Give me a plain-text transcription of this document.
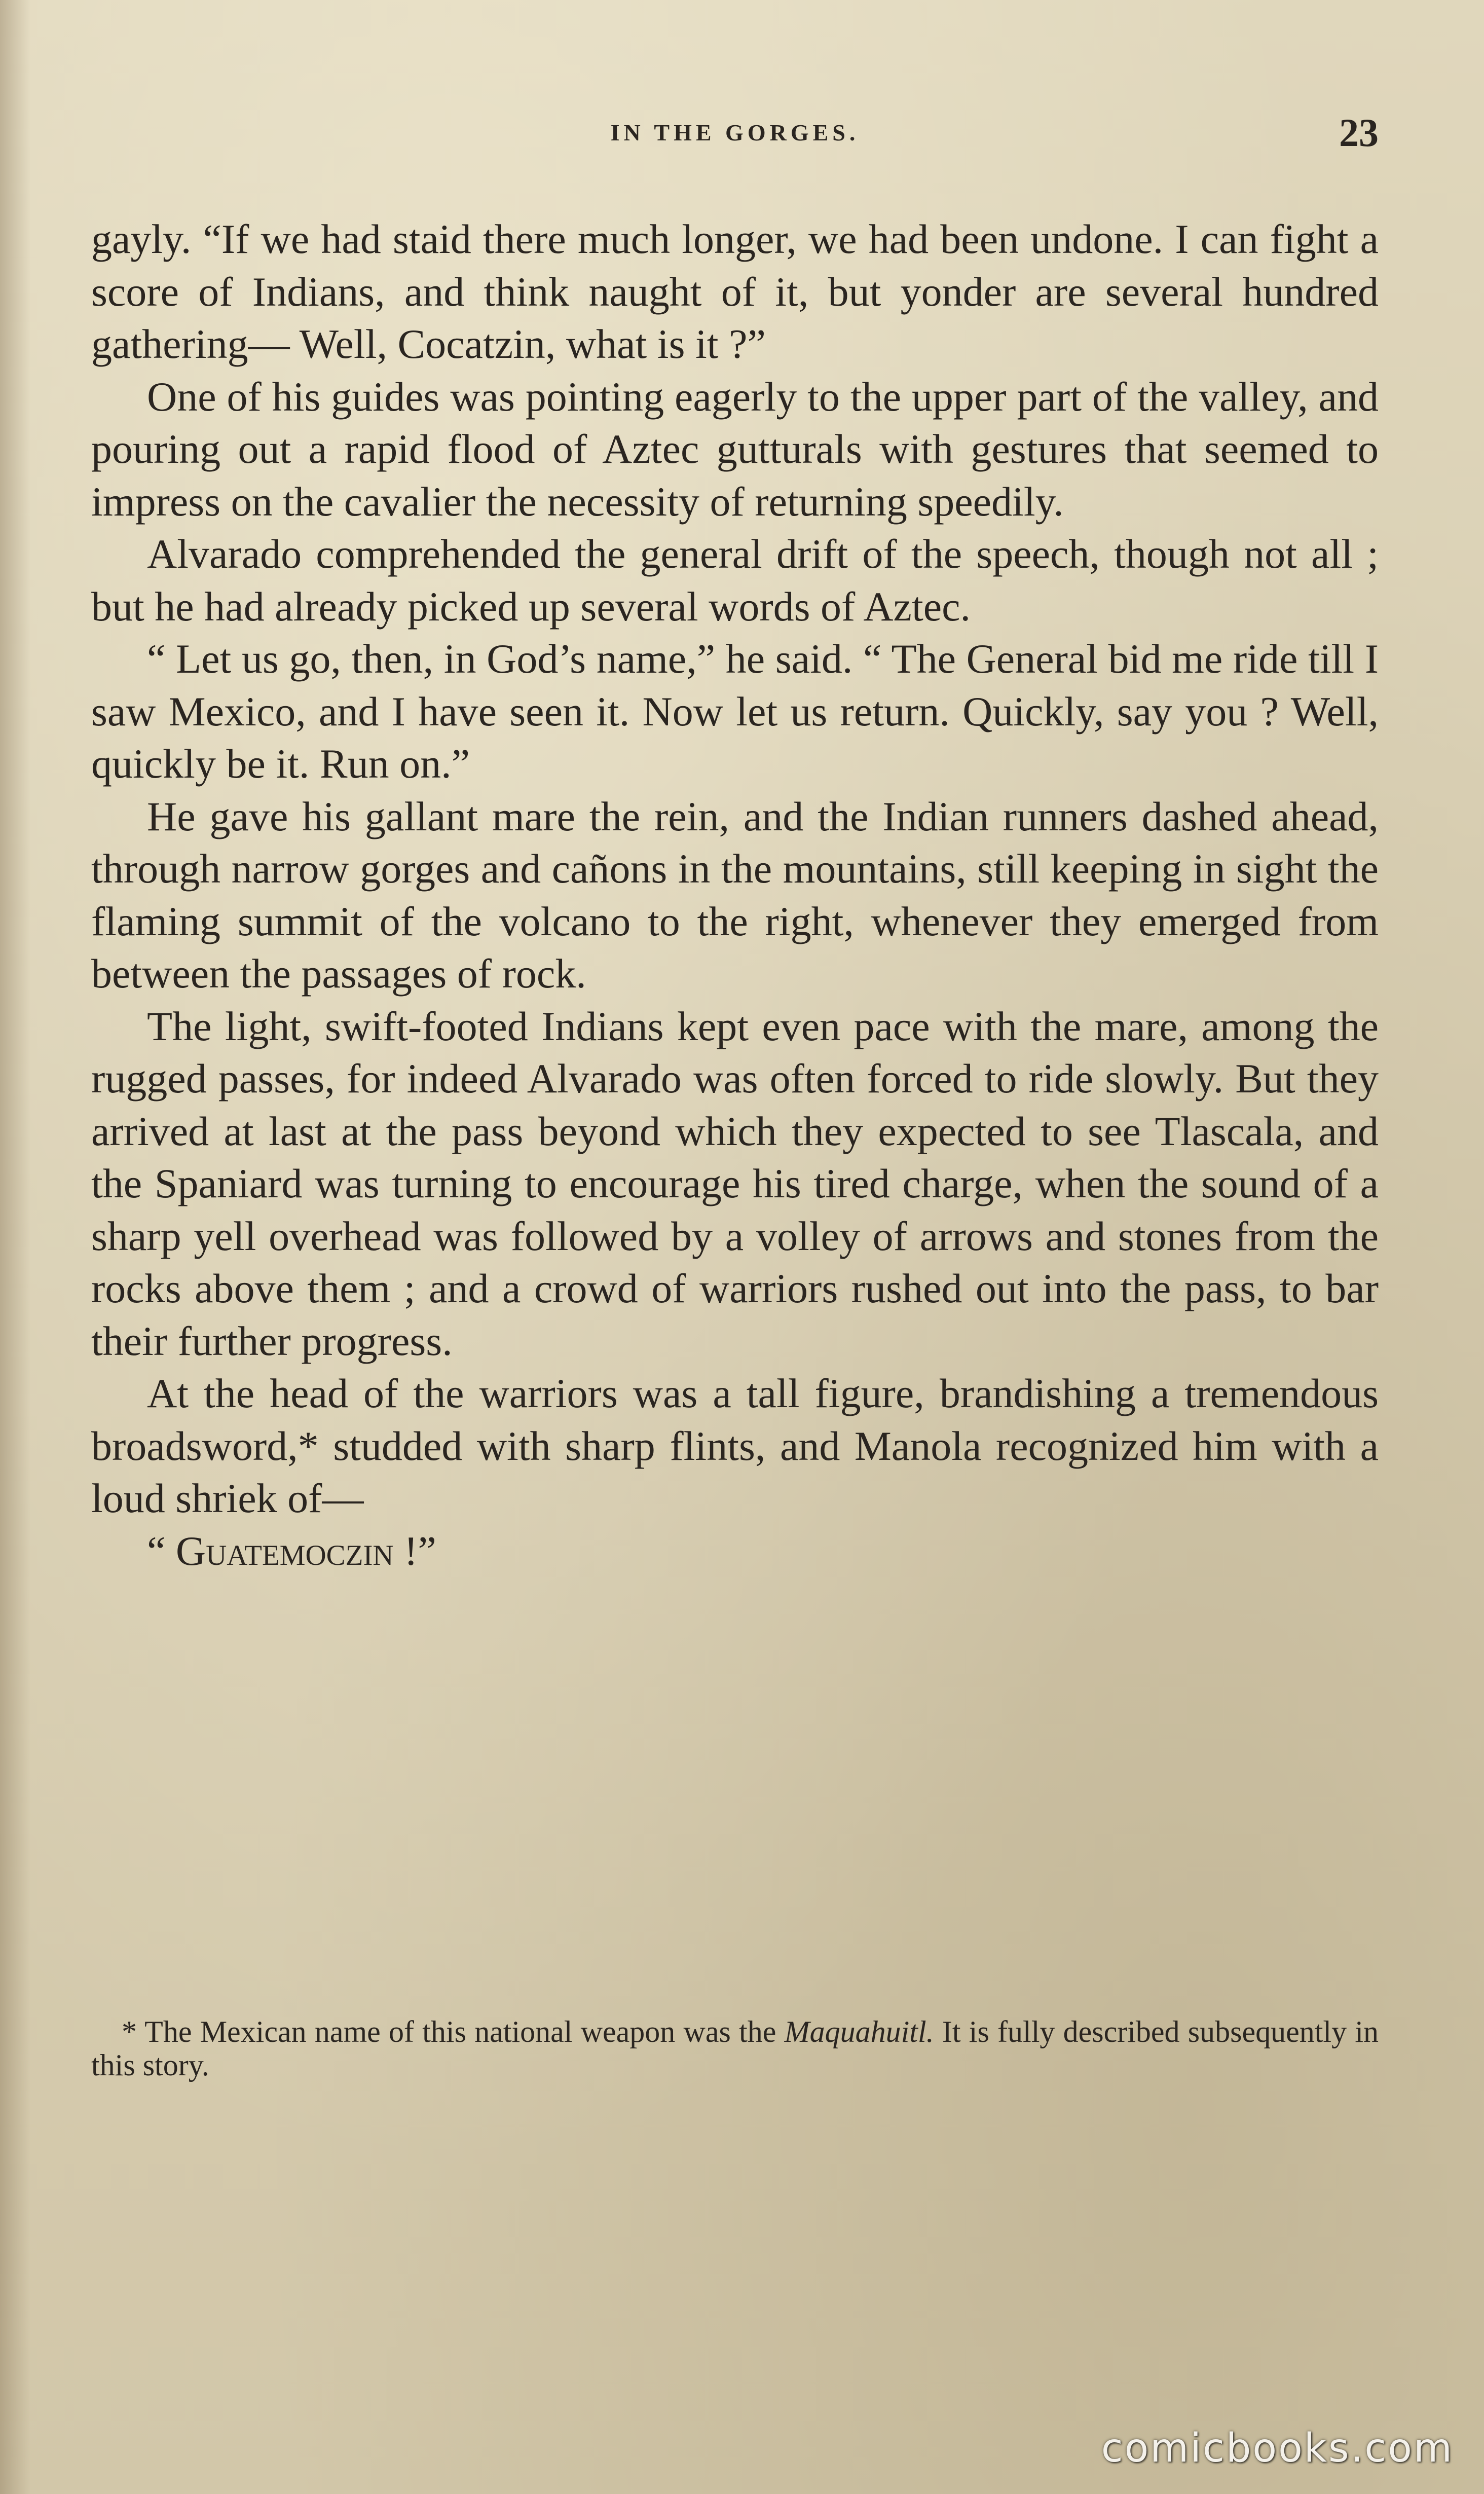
IN THE GORGES.	23

gayly. “If we had staid there much longer, we had been undone. I can fight a score of Indians, and think naught of it, but yonder are several hundred gathering— Well, Cocatzin, what is it ?”

One of his guides was pointing eagerly to the upper part of the valley, and pouring out a rapid flood of Aztec gutturals with gestures that seemed to impress on the cavalier the necessity of returning speedily.

Alvarado comprehended the general drift of the speech, though not all ; but he had already picked up several words of Aztec.

“ Let us go, then, in God’s name,” he said. “ The General bid me ride till I saw Mexico, and I have seen it. Now let us return. Quickly, say you ? Well, quickly be it. Run on.”

He gave his gallant mare the rein, and the Indian runners dashed ahead, through narrow gorges and cañons in the mountains, still keeping in sight the flaming summit of the volcano to the right, whenever they emerged from between the passages of rock.

The light, swift-footed Indians kept even pace with the mare, among the rugged passes, for indeed Alvarado was often forced to ride slowly. But they arrived at last at the pass beyond which they expected to see Tlascala, and the Spaniard was turning to encourage his tired charge, when the sound of a sharp yell overhead was followed by a volley of arrows and stones from the rocks above them ; and a crowd of warriors rushed out into the pass, to bar their further progress.

At the head of the warriors was a tall figure, brandishing a tremendous broadsword,* studded with sharp flints, and Manola recognized him with a loud shriek of—

“ Guatemoczin !”

* The Mexican name of this national weapon was the Maquahuitl. It is fully described subsequently in this story.

comicbooks.com
